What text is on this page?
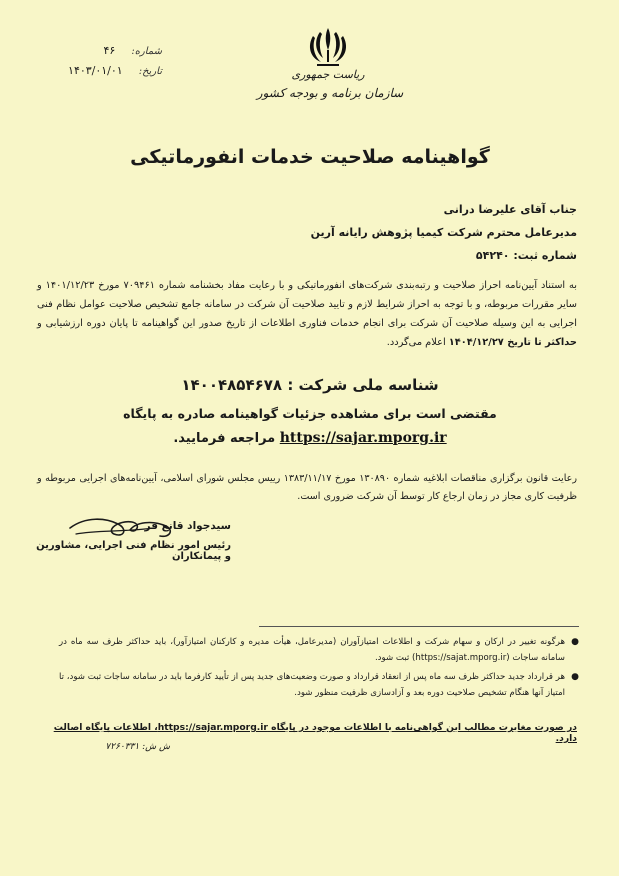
شماره:
۴۶
تاریخ:
۱۴۰۳/۰۱/۰۱	ریاست جمهوری
سازمان برنامه و بودجه کشور
گواهینامه صلاحیت خدمات انفورماتیکی
جناب آقای علیرضا درانی
مدیرعامل محترم شرکت کیمیا پژوهش رایانه آرین
شماره ثبت: ۵۴۲۴۰
به استناد آیین‌نامه احراز صلاحیت و رتبه‌بندی شرکت‌های انفورماتیکی و با رعایت مفاد بخشنامه شماره ۷۰۹۴۶۱ مورخ ۱۴۰۱/۱۲/۲۳ و سایر مقررات مربوطه، و با توجه به احراز شرایط لازم و تایید صلاحیت آن شرکت در سامانه جامع تشخیص صلاحیت عوامل نظام فنی اجرایی به این وسیله صلاحیت آن شرکت برای انجام خدمات فناوری اطلاعات از تاریخ صدور این گواهینامه تا پایان دوره ارزشیابی و حداکثر تا تاریخ ۱۴۰۴/۱۲/۲۷ اعلام می‌گردد.
شناسه ملی شرکت : ۱۴۰۰۴۸۵۴۶۷۸
مقتضی است برای مشاهده جزئیات گواهینامه صادره به پایگاه
https://sajar.mporg.ir مراجعه فرمایید.
رعایت قانون برگزاری مناقصات ابلاغیه شماره ۱۳۰۸۹۰ مورخ ۱۳۸۳/۱۱/۱۷ رییس مجلس شورای اسلامی، آیین‌نامه‌های اجرایی مربوطه و ظرفیت کاری مجاز در زمان ارجاع کار توسط آن شرکت ضروری است.
سیدجواد قانع فر
رئیس امور نظام فنی اجرایی، مشاورین و پیمانکاران
●
هرگونه تغییر در ارکان و سهام شرکت و اطلاعات امتیازآوران (مدیرعامل، هیأت مدیره و کارکنان امتیازآور)، باید حداکثر ظرف سه ماه در سامانه ساجات (https://sajat.mporg.ir) ثبت شود.
●
هر قرارداد جدید حداکثر ظرف سه ماه پس از انعقاد قرارداد و صورت وضعیت‌های جدید پس از تأیید کارفرما باید در سامانه ساجات ثبت شود، تا امتیاز آنها هنگام تشخیص صلاحیت دوره بعد و آزادسازی ظرفیت منظور شود.
در صورت مغایرت مطالب این گواهی‌نامه با اطلاعات موجود در پایگاه https://sajar.mporg.ir، اطلاعات پایگاه اصالت دارد.
ش ش: ۷۲۶۰۳۳۱
